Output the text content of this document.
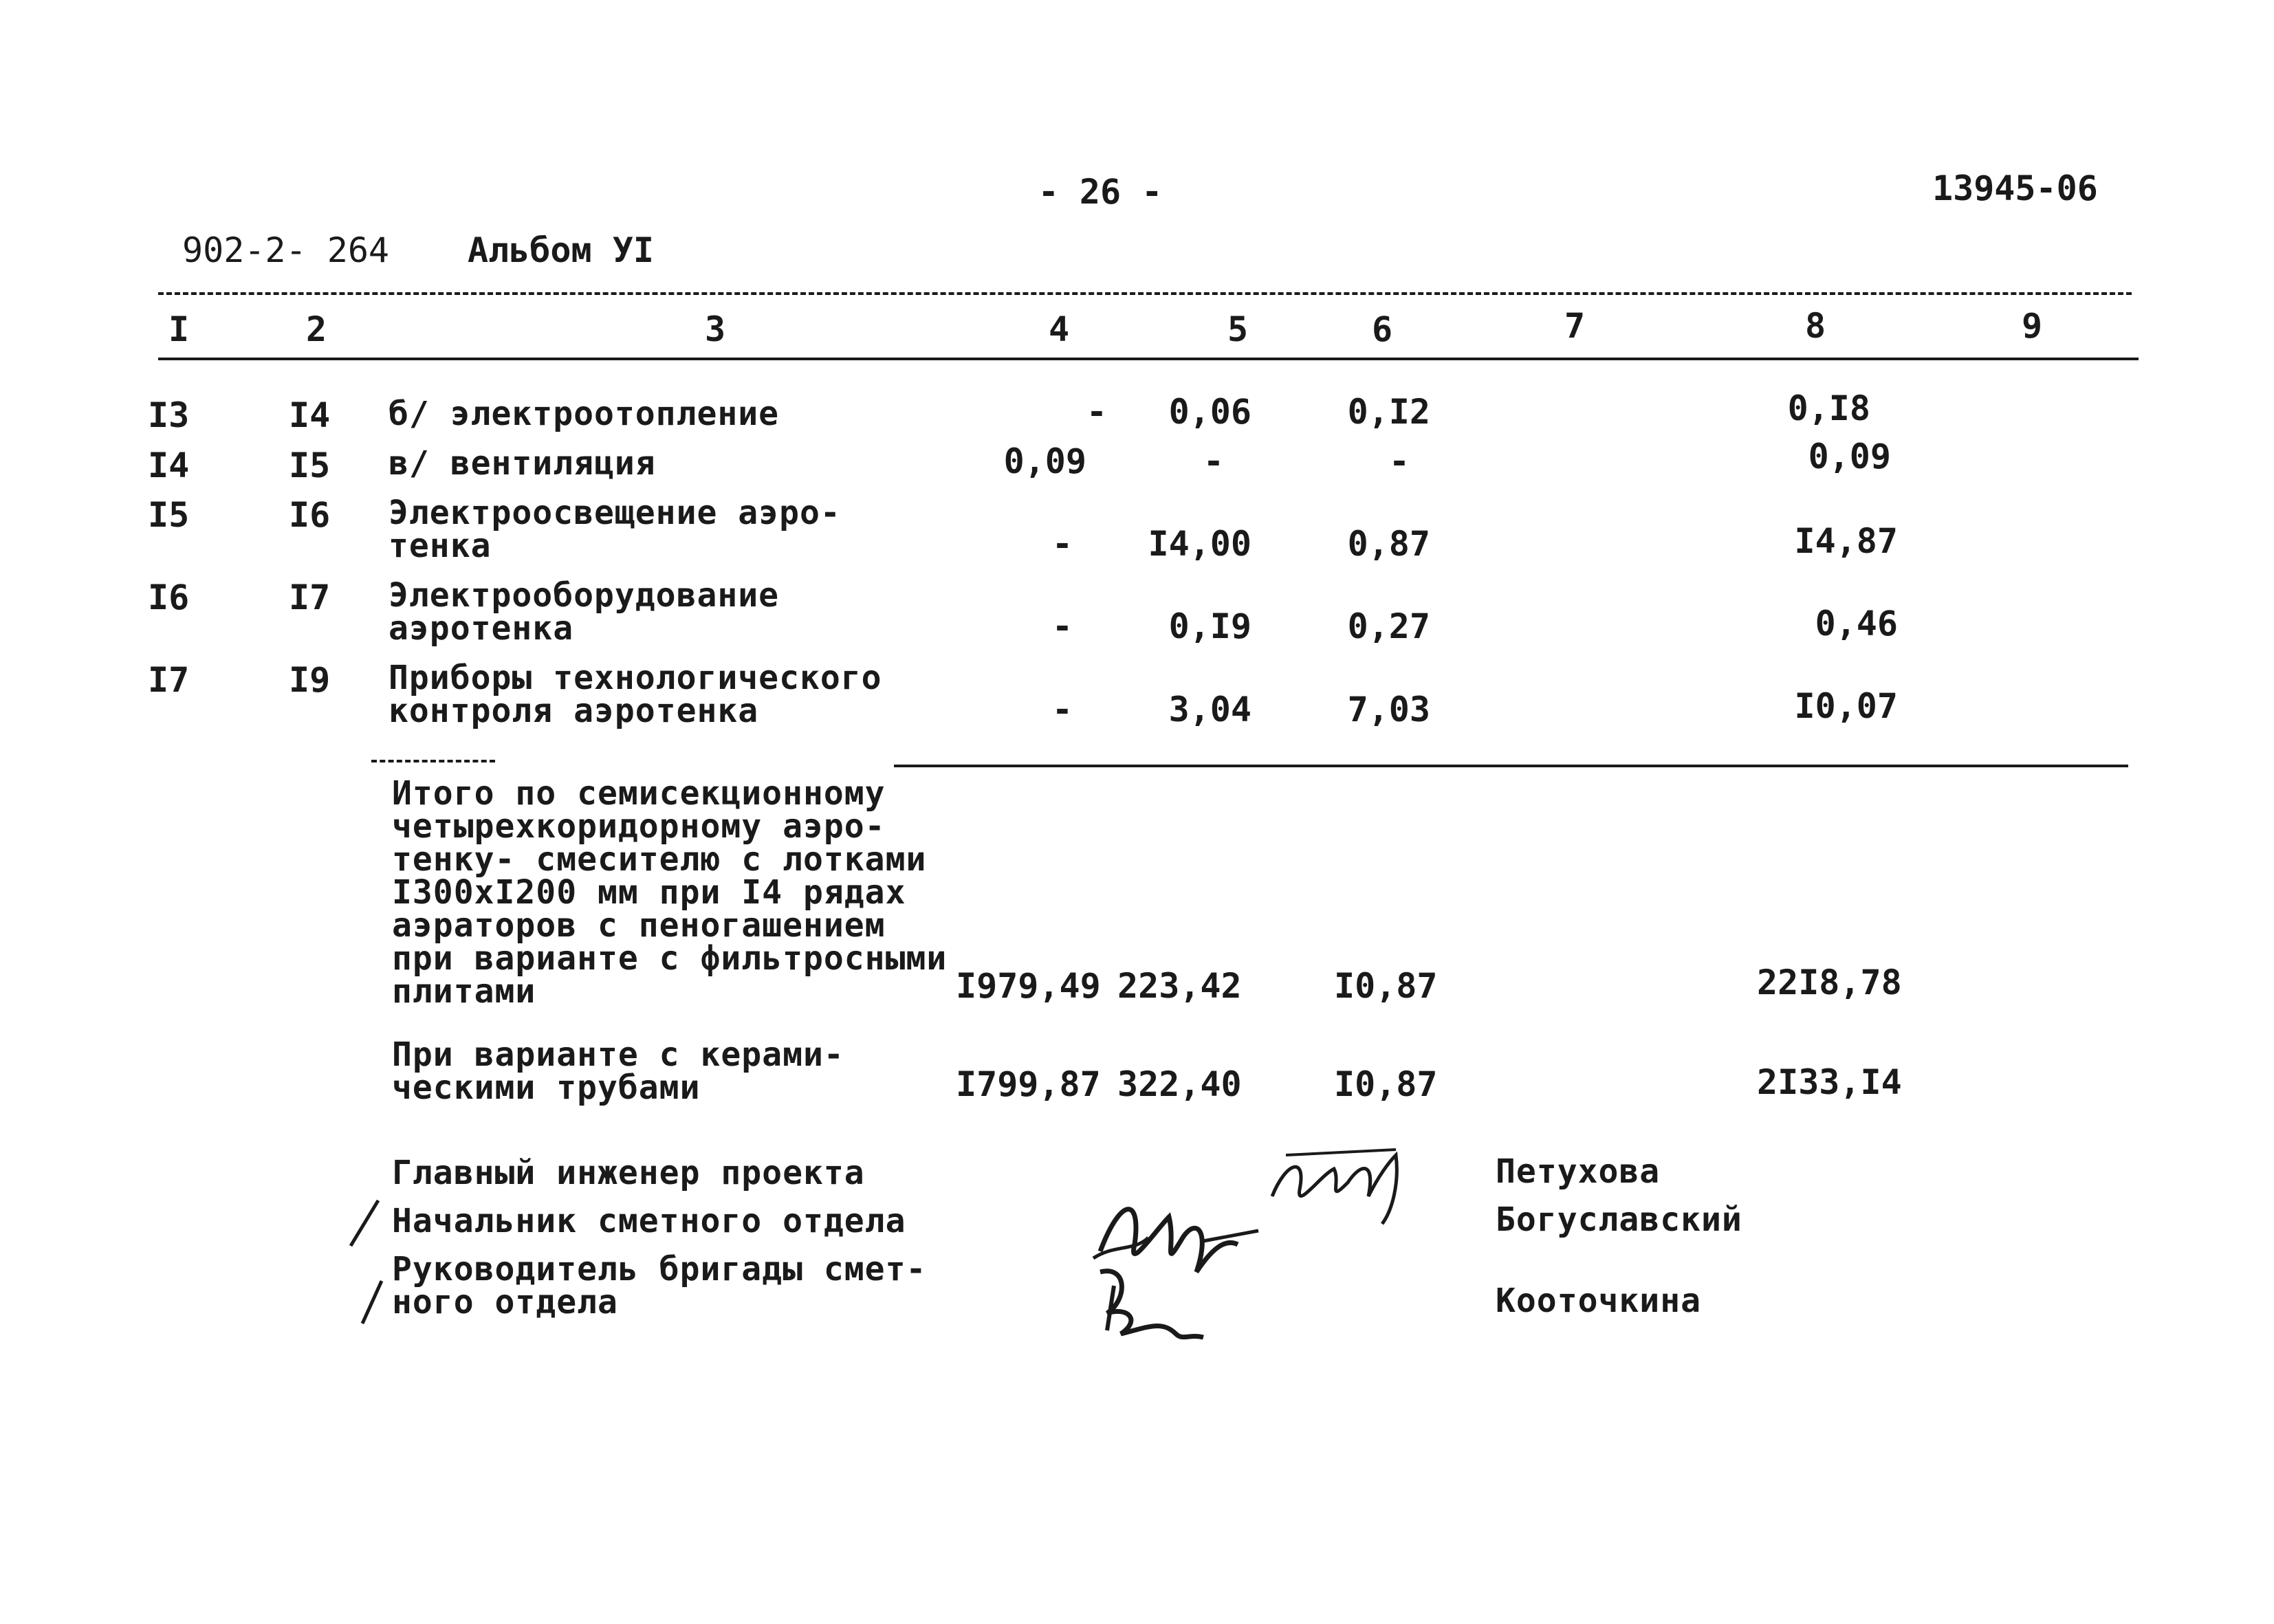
- 26 -	13945-06
902-2- 264 Альбом УI
I	2	3	4	5	6	7	8	9
I3	I4 б/ электроотопление	-	0,06	0,I2	0,I8
I4	I5 в/ вентиляция	0,09	-	-	0,09
I5	I6 Электроосвещение аэро-
тенка	-	I4,00	0,87	I4,87
I6	I7 Электрооборудование
аэротенка	-	0,I9	0,27	0,46
I7	I9 Приборы технологического
контроля аэротенка	-	3,04	7,03	I0,07
Итого по семисекционному
четырехкоридорному аэро-
тенку- смесителю с лотками
I300xI200 мм при I4 рядах
аэраторов с пеногашением
при варианте с фильтросными
плитами	I979,49 223,42	I0,87	22I8,78
При варианте с керами-
ческими трубами	I799,87 322,40	I0,87	2I33,I4
Главный инженер проекта
Начальник сметного отдела
Руководитель бригады смет-
ного отдела
Петухова
Богуславский
Кооточкина
